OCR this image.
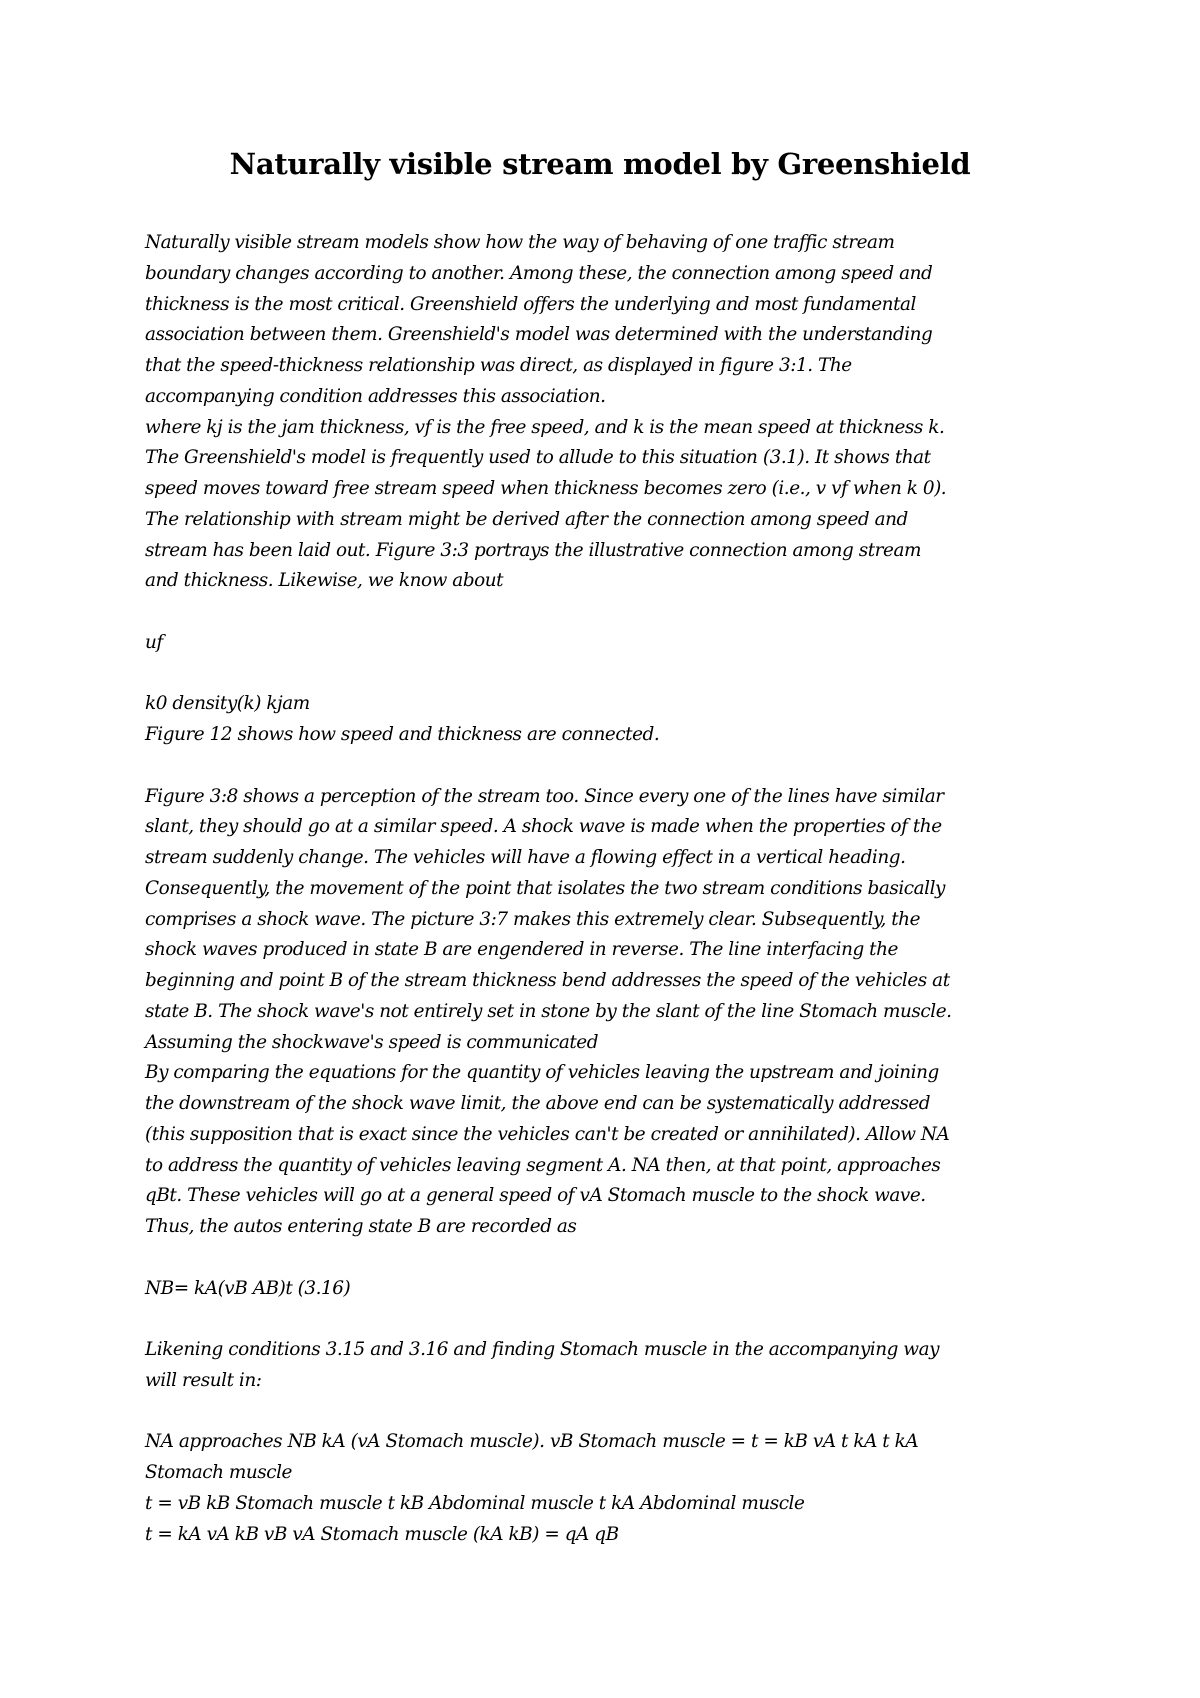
Naturally visible stream model by Greenshield
Naturally visible stream models show how the way of behaving of one traffic stream
boundary changes according to another. Among these, the connection among speed and
thickness is the most critical. Greenshield offers the underlying and most fundamental
association between them. Greenshield's model was determined with the understanding
that the speed-thickness relationship was direct, as displayed in figure 3:1. The
accompanying condition addresses this association.
where kj is the jam thickness, vf is the free speed, and k is the mean speed at thickness k.
The Greenshield's model is frequently used to allude to this situation (3.1). It shows that
speed moves toward free stream speed when thickness becomes zero (i.e., v vf when k 0).
The relationship with stream might be derived after the connection among speed and
stream has been laid out. Figure 3:3 portrays the illustrative connection among stream
and thickness. Likewise, we know about
uf
k0 density(k) kjam
Figure 12 shows how speed and thickness are connected.
Figure 3:8 shows a perception of the stream too. Since every one of the lines have similar
slant, they should go at a similar speed. A shock wave is made when the properties of the
stream suddenly change. The vehicles will have a flowing effect in a vertical heading.
Consequently, the movement of the point that isolates the two stream conditions basically
comprises a shock wave. The picture 3:7 makes this extremely clear. Subsequently, the
shock waves produced in state B are engendered in reverse. The line interfacing the
beginning and point B of the stream thickness bend addresses the speed of the vehicles at
state B. The shock wave's not entirely set in stone by the slant of the line Stomach muscle.
Assuming the shockwave's speed is communicated
By comparing the equations for the quantity of vehicles leaving the upstream and joining
the downstream of the shock wave limit, the above end can be systematically addressed
(this supposition that is exact since the vehicles can't be created or annihilated). Allow NA
to address the quantity of vehicles leaving segment A. NA then, at that point, approaches
qBt. These vehicles will go at a general speed of vA Stomach muscle to the shock wave.
Thus, the autos entering state B are recorded as
NB= kA(vB AB)t (3.16)
Likening conditions 3.15 and 3.16 and finding Stomach muscle in the accompanying way
will result in:
NA approaches NB kA (vA Stomach muscle). vB Stomach muscle = t = kB vA t kA t kA
Stomach muscle
t = vB kB Stomach muscle t kB Abdominal muscle t kA Abdominal muscle
t = kA vA kB vB vA Stomach muscle (kA kB) = qA qB
